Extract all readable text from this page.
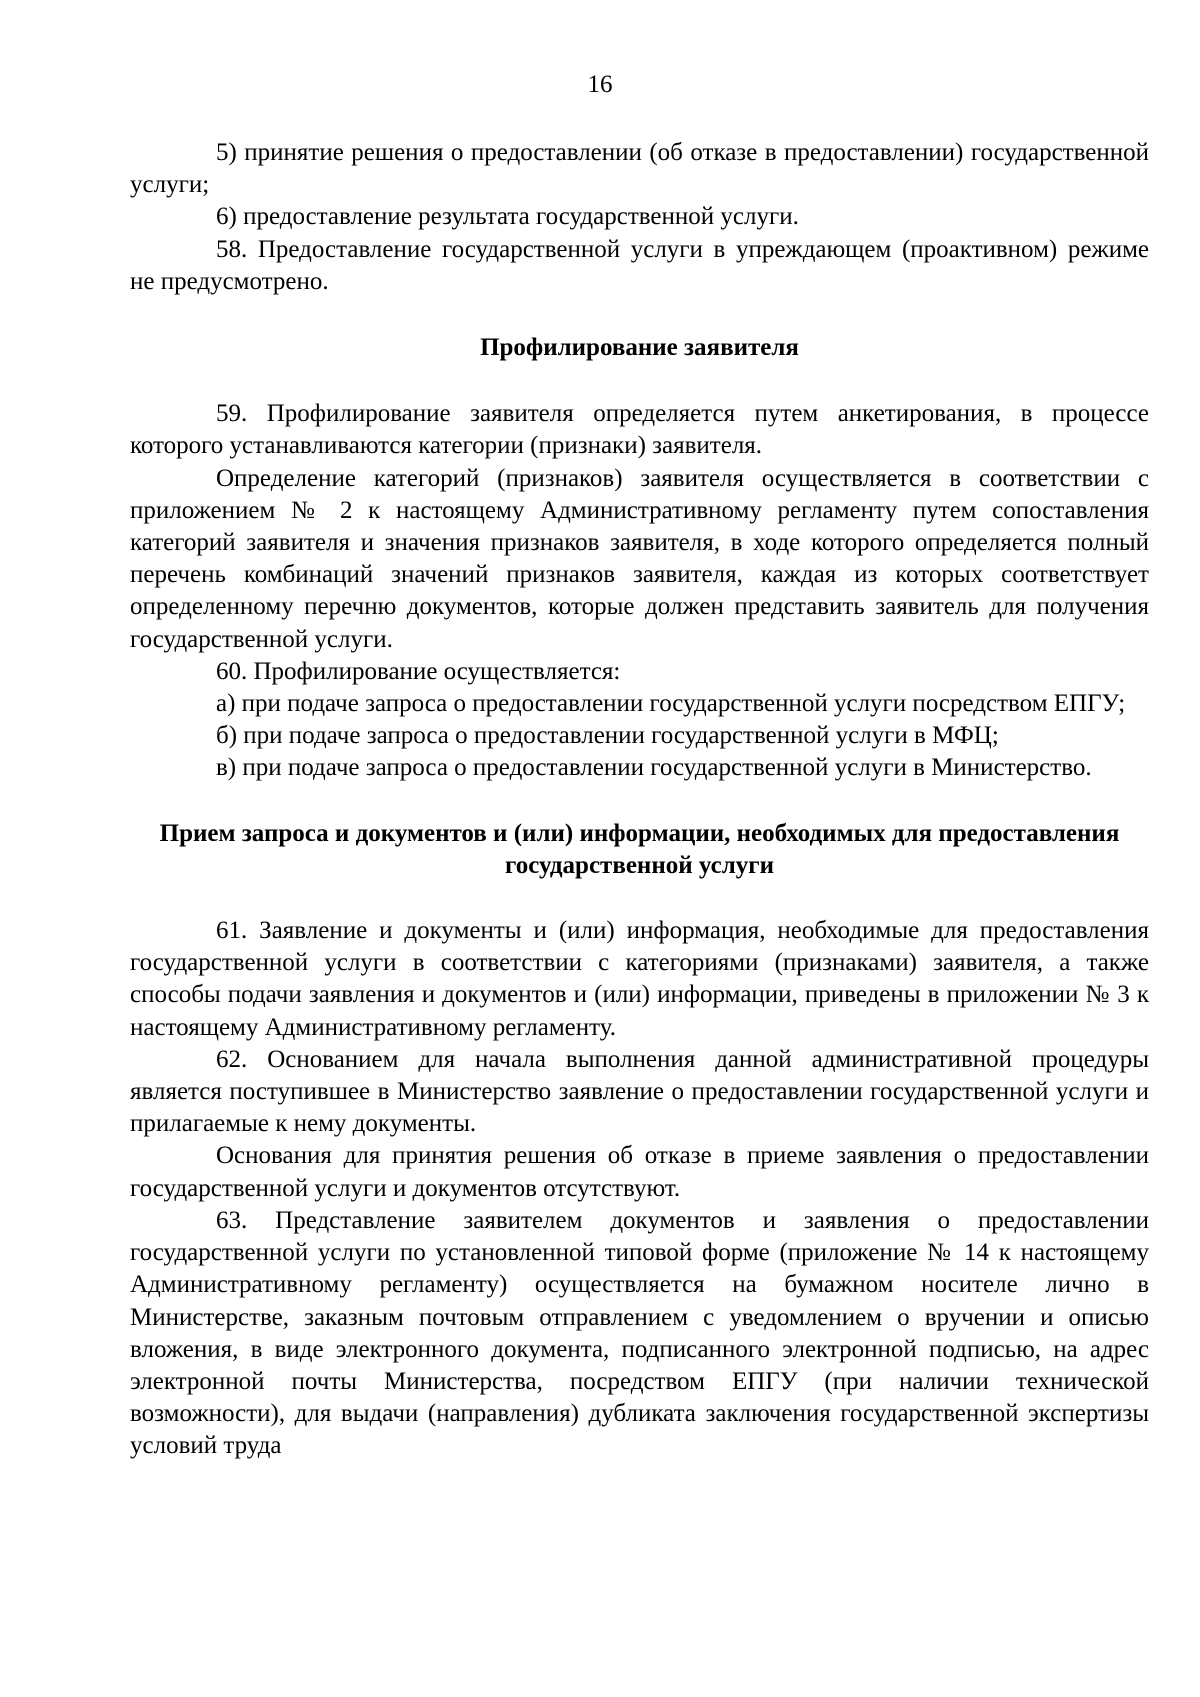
16

5) принятие решения о предоставлении (об отказе в предоставлении) государственной услуги;

6) предоставление результата государственной услуги.

58. Предоставление государственной услуги в упреждающем (проактивном) режиме не предусмотрено.

Профилирование заявителя

59. Профилирование заявителя определяется путем анкетирования, в процессе которого устанавливаются категории (признаки) заявителя.

Определение категорий (признаков) заявителя осуществляется в соответствии с приложением № 2 к настоящему Административному регламенту путем сопоставления категорий заявителя и значения признаков заявителя, в ходе которого определяется полный перечень комбинаций значений признаков заявителя, каждая из которых соответствует определенному перечню документов, которые должен представить заявитель для получения государственной услуги.

60. Профилирование осуществляется:

а) при подаче запроса о предоставлении государственной услуги посредством ЕПГУ;

б) при подаче запроса о предоставлении государственной услуги в МФЦ;

в) при подаче запроса о предоставлении государственной услуги в Министерство.

Прием запроса и документов и (или) информации, необходимых для предоставления государственной услуги

61. Заявление и документы и (или) информация, необходимые для предоставления государственной услуги в соответствии с категориями (признаками) заявителя, а также способы подачи заявления и документов и (или) информации, приведены в приложении № 3 к настоящему Административному регламенту.

62. Основанием для начала выполнения данной административной процедуры является поступившее в Министерство заявление о предоставлении государственной услуги и прилагаемые к нему документы.

Основания для принятия решения об отказе в приеме заявления о предоставлении государственной услуги и документов отсутствуют.

63. Представление заявителем документов и заявления о предоставлении государственной услуги по установленной типовой форме (приложение № 14 к настоящему Административному регламенту) осуществляется на бумажном носителе лично в Министерстве, заказным почтовым отправлением с уведомлением о вручении и описью вложения, в виде электронного документа, подписанного электронной подписью, на адрес электронной почты Министерства, посредством ЕПГУ (при наличии технической возможности), для выдачи (направления) дубликата заключения государственной экспертизы условий труда
